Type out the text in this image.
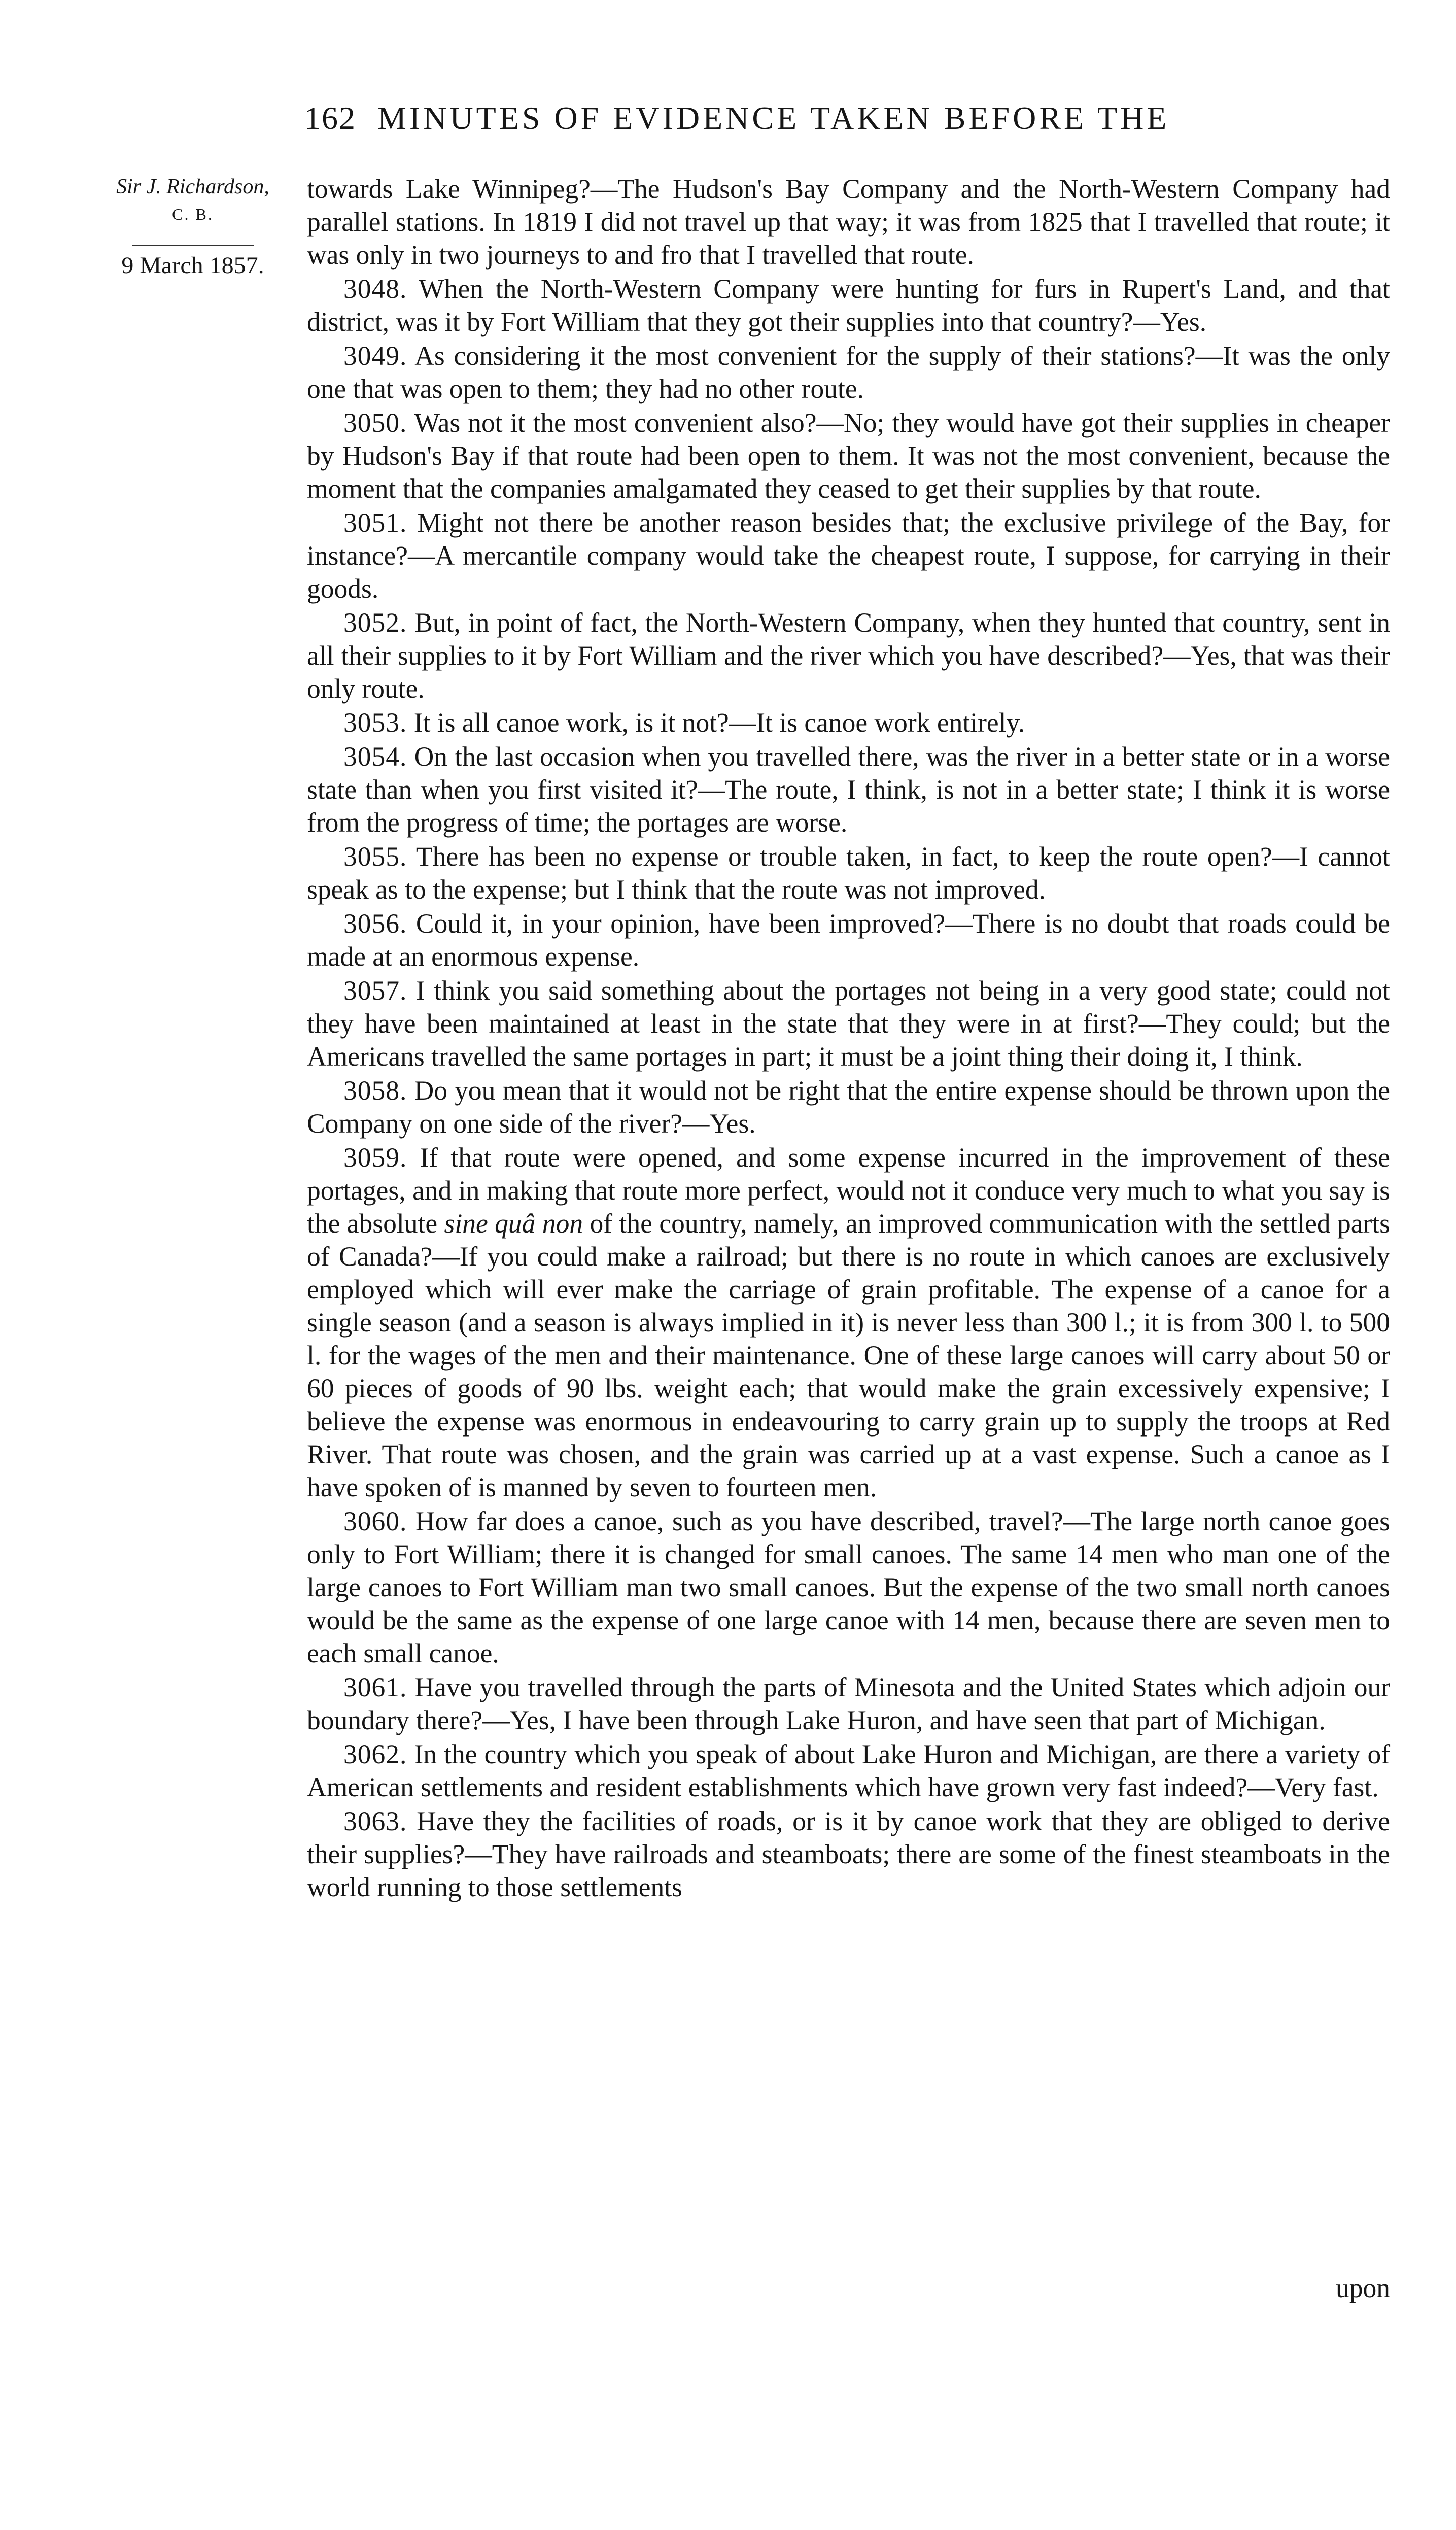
162 MINUTES OF EVIDENCE TAKEN BEFORE THE
Sir J. Richardson,
C. B.
9 March 1857.

towards Lake Winnipeg?—The Hudson's Bay Company and the North-Western Company had parallel stations. In 1819 I did not travel up that way; it was from 1825 that I travelled that route; it was only in two journeys to and fro that I travelled that route.

3048. When the North-Western Company were hunting for furs in Rupert's Land, and that district, was it by Fort William that they got their supplies into that country?—Yes.

3049. As considering it the most convenient for the supply of their stations?—It was the only one that was open to them; they had no other route.

3050. Was not it the most convenient also?—No; they would have got their supplies in cheaper by Hudson's Bay if that route had been open to them. It was not the most convenient, because the moment that the companies amalgamated they ceased to get their supplies by that route.

3051. Might not there be another reason besides that; the exclusive privilege of the Bay, for instance?—A mercantile company would take the cheapest route, I suppose, for carrying in their goods.

3052. But, in point of fact, the North-Western Company, when they hunted that country, sent in all their supplies to it by Fort William and the river which you have described?—Yes, that was their only route.

3053. It is all canoe work, is it not?—It is canoe work entirely.

3054. On the last occasion when you travelled there, was the river in a better state or in a worse state than when you first visited it?—The route, I think, is not in a better state; I think it is worse from the progress of time; the portages are worse.

3055. There has been no expense or trouble taken, in fact, to keep the route open?—I cannot speak as to the expense; but I think that the route was not improved.

3056. Could it, in your opinion, have been improved?—There is no doubt that roads could be made at an enormous expense.

3057. I think you said something about the portages not being in a very good state; could not they have been maintained at least in the state that they were in at first?—They could; but the Americans travelled the same portages in part; it must be a joint thing their doing it, I think.

3058. Do you mean that it would not be right that the entire expense should be thrown upon the Company on one side of the river?—Yes.

3059. If that route were opened, and some expense incurred in the improvement of these portages, and in making that route more perfect, would not it conduce very much to what you say is the absolute sine quâ non of the country, namely, an improved communication with the settled parts of Canada?—If you could make a railroad; but there is no route in which canoes are exclusively employed which will ever make the carriage of grain profitable. The expense of a canoe for a single season (and a season is always implied in it) is never less than 300 l.; it is from 300 l. to 500 l. for the wages of the men and their maintenance. One of these large canoes will carry about 50 or 60 pieces of goods of 90 lbs. weight each; that would make the grain excessively expensive; I believe the expense was enormous in endeavouring to carry grain up to supply the troops at Red River. That route was chosen, and the grain was carried up at a vast expense. Such a canoe as I have spoken of is manned by seven to fourteen men.

3060. How far does a canoe, such as you have described, travel?—The large north canoe goes only to Fort William; there it is changed for small canoes. The same 14 men who man one of the large canoes to Fort William man two small canoes. But the expense of the two small north canoes would be the same as the expense of one large canoe with 14 men, because there are seven men to each small canoe.

3061. Have you travelled through the parts of Minesota and the United States which adjoin our boundary there?—Yes, I have been through Lake Huron, and have seen that part of Michigan.

3062. In the country which you speak of about Lake Huron and Michigan, are there a variety of American settlements and resident establishments which have grown very fast indeed?—Very fast.

3063. Have they the facilities of roads, or is it by canoe work that they are obliged to derive their supplies?—They have railroads and steamboats; there are some of the finest steamboats in the world running to those settlements

upon
